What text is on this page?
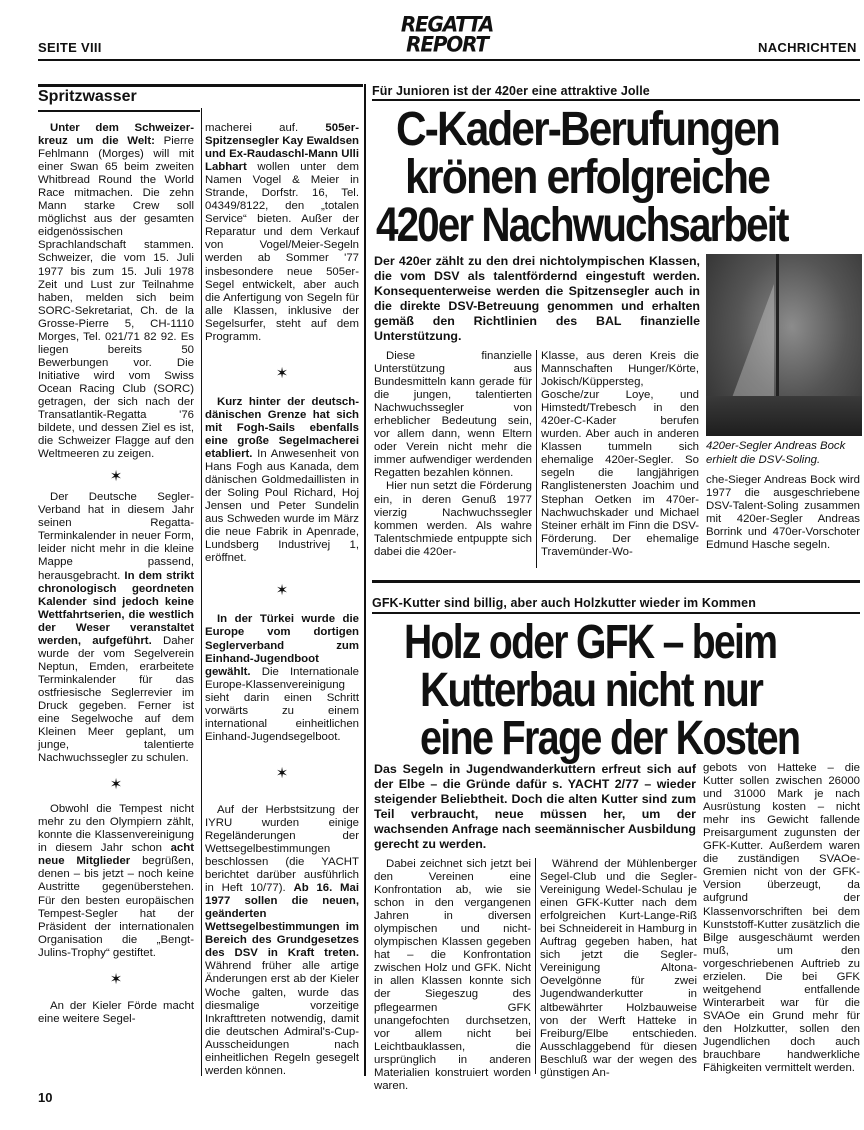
SEITE VIII
REGATTA
REPORT	NACHRICHTEN
Spritzwasser

Unter dem Schweizer-kreuz um die Welt: Pierre Fehlmann (Morges) will mit einer Swan 65 beim zweiten Whitbread Round the World Race mitmachen. Die zehn Mann starke Crew soll möglichst aus der gesamten eidgenössischen Sprachlandschaft stammen. Schweizer, die vom 15. Juli 1977 bis zum 15. Juli 1978 Zeit und Lust zur Teilnahme haben, melden sich beim SORC-Sekretariat, Ch. de la Grosse-Pierre 5, CH-1110 Morges, Tel. 021/71 82 92. Es liegen bereits 50 Bewerbungen vor. Die Initiative wird vom Swiss Ocean Racing Club (SORC) getragen, der sich nach der Transatlantik-Regatta '76 bildete, und dessen Ziel es ist, die Schweizer Flagge auf den Weltmeeren zu zeigen.

✶

Der Deutsche Segler-Verband hat in diesem Jahr seinen Regatta-Terminkalender in neuer Form, leider nicht mehr in die kleine Mappe passend, herausgebracht. In dem strikt chronologisch geordneten Kalender sind jedoch keine Wettfahrtserien, die westlich der Weser veranstaltet werden, aufgeführt. Daher wurde der vom Segelverein Neptun, Emden, erarbeitete Terminkalender für das ostfriesische Seglerrevier im Druck gegeben. Ferner ist eine Segelwoche auf dem Kleinen Meer geplant, um junge, talentierte Nachwuchssegler zu schulen.

✶

Obwohl die Tempest nicht mehr zu den Olympiern zählt, konnte die Klassenvereinigung in diesem Jahr schon acht neue Mitglieder begrüßen, denen – bis jetzt – noch keine Austritte gegenüberstehen. Für den besten europäischen Tempest-Segler hat der Präsident der internationalen Organisation die „Bengt-Julins-Trophy“ gestiftet.

✶

An der Kieler Förde macht eine weitere Segel-

macherei auf. 505er-Spitzensegler Kay Ewaldsen und Ex-Raudaschl-Mann Ulli Labhart wollen unter dem Namen Vogel & Meier in Strande, Dorfstr. 16, Tel. 04349/8122, den „totalen Service“ bieten. Außer der Reparatur und dem Verkauf von Vogel/Meier-Segeln werden ab Sommer '77 insbesondere neue 505er-Segel entwickelt, aber auch die Anfertigung von Segeln für alle Klassen, inklusive der Segelsurfer, steht auf dem Programm.

✶

Kurz hinter der deutsch-dänischen Grenze hat sich mit Fogh-Sails ebenfalls eine große Segelmacherei etabliert. In Anwesenheit von Hans Fogh aus Kanada, dem dänischen Goldmedaillisten in der Soling Poul Richard, Hoj Jensen und Peter Sundelin aus Schweden wurde im März die neue Fabrik in Apenrade, Lundsberg Industrivej 1, eröffnet.

✶

In der Türkei wurde die Europe vom dortigen Seglerverband zum Einhand-Jugendboot gewählt. Die Internationale Europe-Klassenvereinigung sieht darin einen Schritt vorwärts zu einem international einheitlichen Einhand-Jugendsegelboot.

✶

Auf der Herbstsitzung der IYRU wurden einige Regeländerungen der Wettsegelbestimmungen beschlossen (die YACHT berichtet darüber ausführlich in Heft 10/77). Ab 16. Mai 1977 sollen die neuen, geänderten Wettsegelbestimmungen im Bereich des Grundgesetzes des DSV in Kraft treten. Während früher alle artige Änderungen erst ab der Kieler Woche galten, wurde das diesmalige vorzeitige Inkrafttreten notwendig, damit die deutschen Admiral's-Cup-Ausscheidungen nach einheitlichen Regeln gesegelt werden können.

Für Junioren ist der 420er eine attraktive Jolle
C-Kader-Berufungen
krönen erfolgreiche
420er Nachwuchsarbeit
Der 420er zählt zu den drei nichtolympischen Klassen, die vom DSV als talentfördernd eingestuft werden. Konsequenterweise werden die Spitzensegler auch in die direkte DSV-Betreuung genommen und erhalten gemäß den Richtlinien des BAL finanzielle Unterstützung.

Diese finanzielle Unterstützung aus Bundesmitteln kann gerade für die jungen, talentierten Nachwuchssegler von erheblicher Bedeutung sein, vor allem dann, wenn Eltern oder Verein nicht mehr die immer aufwendiger werdenden Regatten bezahlen können.

Hier nun setzt die Förderung ein, in deren Genuß 1977 vierzig Nachwuchssegler kommen werden. Als wahre Talentschmiede entpuppte sich dabei die 420er-

Klasse, aus deren Kreis die Mannschaften Hunger/Körte, Jokisch/Küppersteg, Gosche/zur Loye, und Himstedt/Trebesch in den 420er-C-Kader berufen wurden. Aber auch in anderen Klassen tummeln sich ehemalige 420er-Segler. So segeln die langjährigen Ranglistenersten Joachim und Stephan Oetken im 470er-Nachwuchskader und Michael Steiner erhält im Finn die DSV-Förderung. Der ehemalige Travemünder-Wo-

420er-Segler Andreas Bock erhielt die DSV-Soling.
che-Sieger Andreas Bock wird 1977 die ausgeschriebene DSV-Talent-Soling zusammen mit 420er-Segler Andreas Borrink und 470er-Vorschoter Edmund Hasche segeln.
GFK-Kutter sind billig, aber auch Holzkutter wieder im Kommen
Holz oder GFK – beim
Kutterbau nicht nur
eine Frage der Kosten
Das Segeln in Jugendwanderkuttern erfreut sich auf der Elbe – die Gründe dafür s. YACHT 2/77 – wieder steigender Beliebtheit. Doch die alten Kutter sind zum Teil verbraucht, neue müssen her, um der wachsenden Anfrage nach seemännischer Ausbildung gerecht zu werden.

Dabei zeichnet sich jetzt bei den Vereinen eine Konfrontation ab, wie sie schon in den vergangenen Jahren in diversen olympischen und nicht-olympischen Klassen gegeben hat – die Konfrontation zwischen Holz und GFK. Nicht in allen Klassen konnte sich der Siegeszug des pflegearmen GFK unangefochten durchsetzen, vor allem nicht bei Leichtbauklassen, die ursprünglich in anderen Materialien konstruiert worden waren.

Während der Mühlenberger Segel-Club und die Segler-Vereinigung Wedel-Schulau je einen GFK-Kutter nach dem erfolgreichen Kurt-Lange-Riß bei Schneidereit in Hamburg in Auftrag gegeben haben, hat sich jetzt die Segler-Vereinigung Altona-Oevelgönne für zwei Jugendwanderkutter in altbewährter Holzbauweise von der Werft Hatteke in Freiburg/Elbe entschieden. Ausschlaggebend für diesen Beschluß war der wegen des günstigen An-

gebots von Hatteke – die Kutter sollen zwischen 26000 und 31000 Mark je nach Ausrüstung kosten – nicht mehr ins Gewicht fallende Preisargument zugunsten der GFK-Kutter. Außerdem waren die zuständigen SVAOe-Gremien nicht von der GFK-Version überzeugt, da aufgrund der Klassenvorschriften bei dem Kunststoff-Kutter zusätzlich die Bilge ausgeschäumt werden muß, um den vorgeschriebenen Auftrieb zu erzielen. Die bei GFK weitgehend entfallende Winterarbeit war für die SVAOe ein Grund mehr für den Holzkutter, sollen den Jugendlichen doch auch brauchbare handwerkliche Fähigkeiten vermittelt werden.

10
